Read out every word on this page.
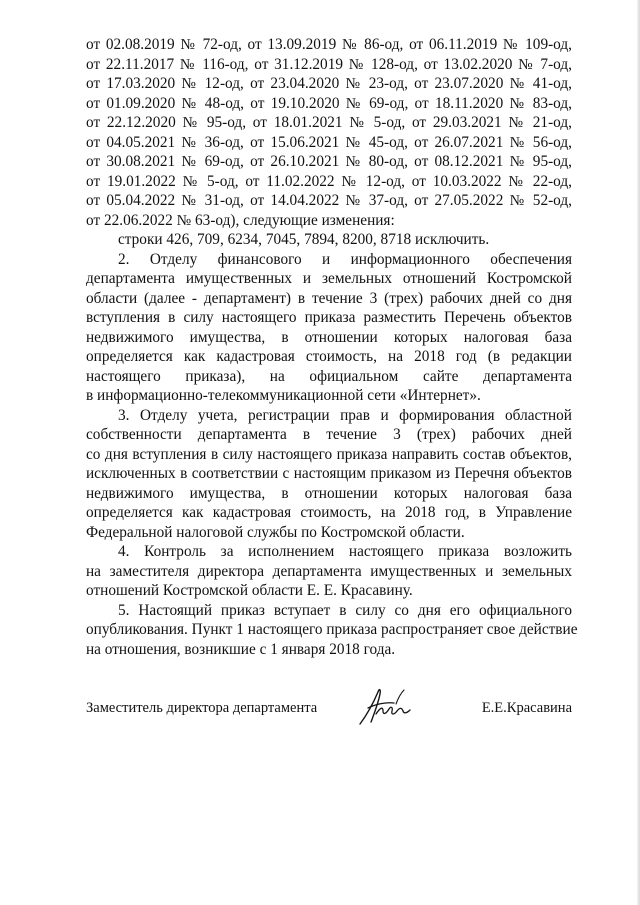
от 02.08.2019 № 72-од, от 13.09.2019 № 86-од, от 06.11.2019 № 109-од,
от 22.11.2017 № 116-од, от 31.12.2019 № 128-од, от 13.02.2020 № 7-од,
от 17.03.2020 № 12-од, от 23.04.2020 № 23-од, от 23.07.2020 № 41-од,
от 01.09.2020 № 48-од, от 19.10.2020 № 69-од, от 18.11.2020 № 83-од,
от 22.12.2020 № 95-од, от 18.01.2021 № 5-од, от 29.03.2021 № 21-од,
от 04.05.2021 № 36-од, от 15.06.2021 № 45-од, от 26.07.2021 № 56-од,
от 30.08.2021 № 69-од, от 26.10.2021 № 80-од, от 08.12.2021 № 95-од,
от 19.01.2022 № 5-од, от 11.02.2022 № 12-од, от 10.03.2022 № 22-од,
от 05.04.2022 № 31-од, от 14.04.2022 № 37-од, от 27.05.2022 № 52-од,
от 22.06.2022 № 63-од), следующие изменения:
строки 426, 709, 6234, 7045, 7894, 8200, 8718 исключить.
2. Отделу финансового и информационного обеспечения
департамента имущественных и земельных отношений Костромской
области (далее - департамент) в течение 3 (трех) рабочих дней со дня
вступления в силу настоящего приказа разместить Перечень объектов
недвижимого имущества, в отношении которых налоговая база
определяется как кадастровая стоимость, на 2018 год (в редакции
настоящего приказа), на официальном сайте департамента
в информационно-телекоммуникационной сети «Интернет».
3. Отделу учета, регистрации прав и формирования областной
собственности департамента в течение 3 (трех) рабочих дней
со дня вступления в силу настоящего приказа направить состав объектов,
исключенных в соответствии с настоящим приказом из Перечня объектов
недвижимого имущества, в отношении которых налоговая база
определяется как кадастровая стоимость, на 2018 год, в Управление
Федеральной налоговой службы по Костромской области.
4. Контроль за исполнением настоящего приказа возложить
на заместителя директора департамента имущественных и земельных
отношений Костромской области Е. Е. Красавину.
5. Настоящий приказ вступает в силу со дня его официального
опубликования. Пункт 1 настоящего приказа распространяет свое действие
на отношения, возникшие с 1 января 2018 года.
Заместитель директора департамента	Е.Е.Красавина
